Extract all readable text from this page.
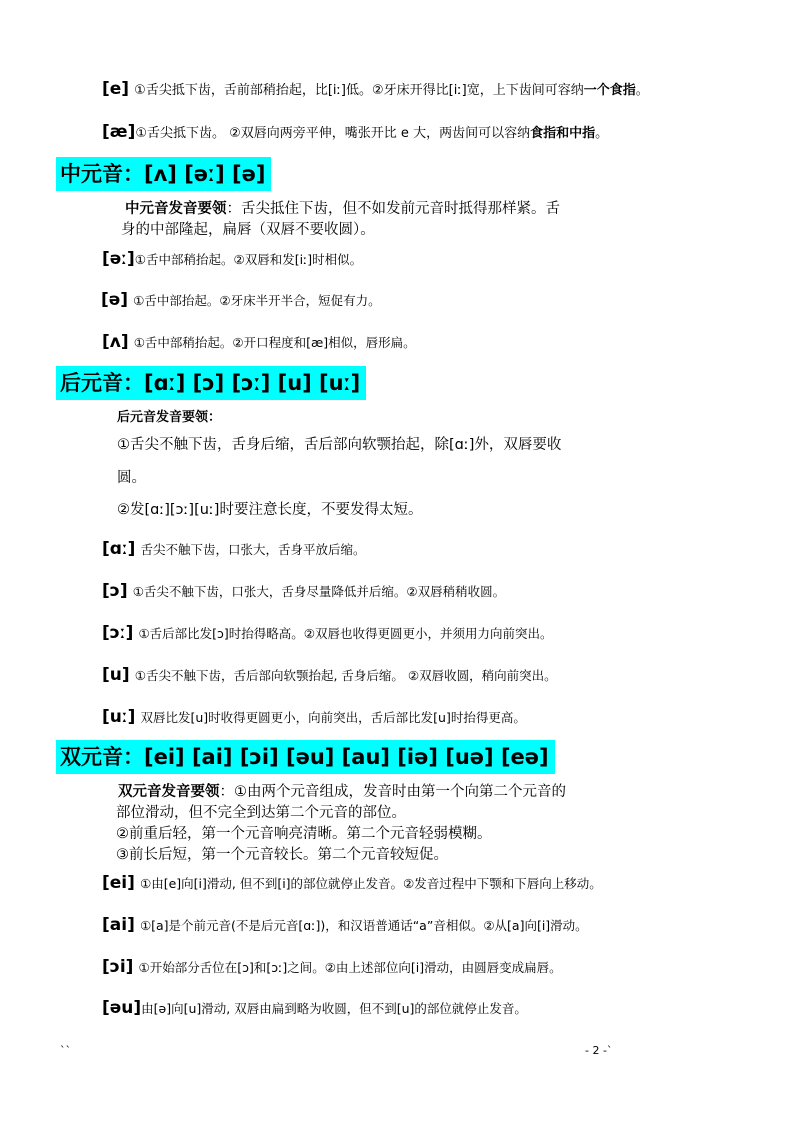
[e] ①舌尖抵下齿，舌前部稍抬起，比[iː]低。②牙床开得比[iː]宽，上下齿间可容纳一个食指。
[æ]①舌尖抵下齿。 ②双唇向两旁平伸，嘴张开比 e 大，两齿间可以容纳食指和中指。
中元音：[ʌ] [əː] [ə]
中元音发音要领：舌尖抵住下齿，但不如发前元音时抵得那样紧。舌
身的中部隆起，扁唇（双唇不要收圆）。
[əː]①舌中部稍抬起。②双唇和发[iː]时相似。
[ə] ①舌中部抬起。②牙床半开半合，短促有力。
[ʌ] ①舌中部稍抬起。②开口程度和[æ]相似，唇形扁。
后元音：[ɑː] [ɔ] [ɔː] [u] [uː]
后元音发音要领：
①舌尖不触下齿，舌身后缩，舌后部向软颚抬起，除[ɑː]外，双唇要收
圆。
②发[ɑː][ɔː][uː]时要注意长度，不要发得太短。
[ɑː] 舌尖不触下齿，口张大，舌身平放后缩。
[ɔ] ①舌尖不触下齿，口张大，舌身尽量降低并后缩。②双唇稍稍收圆。
[ɔː] ①舌后部比发[ɔ]时抬得略高。②双唇也收得更圆更小，并须用力向前突出。
[u] ①舌尖不触下齿，舌后部向软颚抬起, 舌身后缩。 ②双唇收圆，稍向前突出。
[uː] 双唇比发[u]时收得更圆更小，向前突出，舌后部比发[u]时抬得更高。
双元音：[ei] [ai] [ɔi] [əu] [au] [iə] [uə] [eə]
双元音发音要领：①由两个元音组成，发音时由第一个向第二个元音的
部位滑动，但不完全到达第二个元音的部位。
②前重后轻，第一个元音响亮清晰。第二个元音轻弱模糊。
③前长后短，第一个元音较长。第二个元音较短促。
[ei] ①由[e]向[i]滑动, 但不到[i]的部位就停止发音。②发音过程中下颚和下唇向上移动。
[ai] ①[a]是个前元音(不是后元音[ɑː])，和汉语普通话“a”音相似。②从[a]向[i]滑动。
[ɔi] ①开始部分舌位在[ɔ]和[ɔː]之间。②由上述部位向[i]滑动，由圆唇变成扁唇。
[əu]由[ə]向[u]滑动, 双唇由扁到略为收圆，但不到[u]的部位就停止发音。
``	- 2 -`
